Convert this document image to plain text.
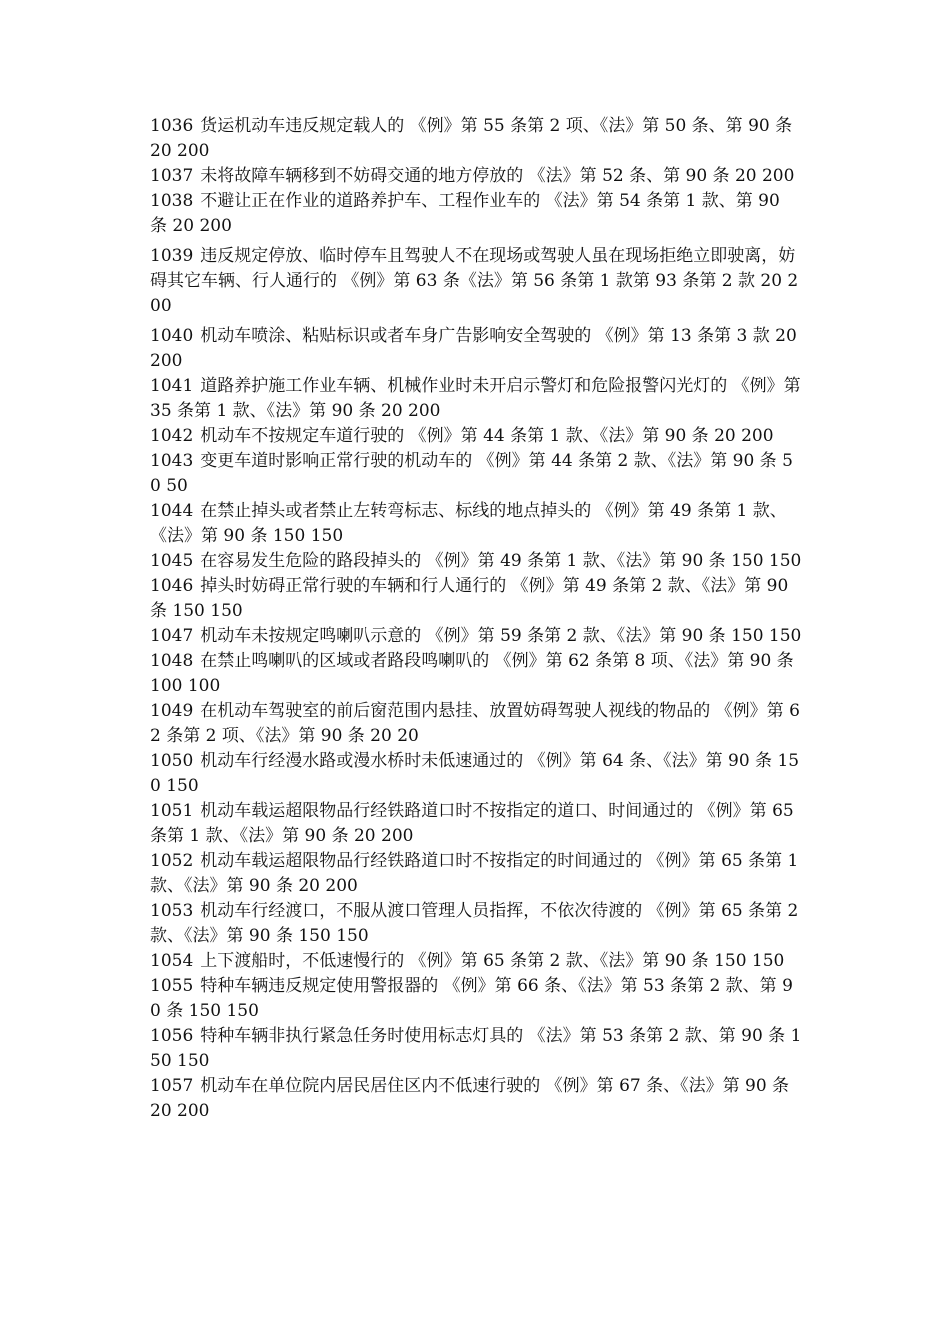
1036 货运机动车违反规定载人的 《例》第 55 条第 2 项、《法》第 50 条、第 90 条 20 200

1037 未将故障车辆移到不妨碍交通的地方停放的 《法》第 52 条、第 90 条 20 200

1038 不避让正在作业的道路养护车、工程作业车的 《法》第 54 条第 1 款、第 90 条 20 200

1039 违反规定停放、临时停车且驾驶人不在现场或驾驶人虽在现场拒绝立即驶离，妨碍其它车辆、行人通行的 《例》第 63 条《法》第 56 条第 1 款第 93 条第 2 款 20 200

1040 机动车喷涂、粘贴标识或者车身广告影响安全驾驶的 《例》第 13 条第 3 款 20 200

1041 道路养护施工作业车辆、机械作业时未开启示警灯和危险报警闪光灯的 《例》第 35 条第 1 款、《法》第 90 条 20 200

1042 机动车不按规定车道行驶的 《例》第 44 条第 1 款、《法》第 90 条 20 200

1043 变更车道时影响正常行驶的机动车的 《例》第 44 条第 2 款、《法》第 90 条 50 50

1044 在禁止掉头或者禁止左转弯标志、标线的地点掉头的 《例》第 49 条第 1 款、《法》第 90 条 150 150

1045 在容易发生危险的路段掉头的 《例》第 49 条第 1 款、《法》第 90 条 150 150

1046 掉头时妨碍正常行驶的车辆和行人通行的 《例》第 49 条第 2 款、《法》第 90 条 150 150

1047 机动车未按规定鸣喇叭示意的 《例》第 59 条第 2 款、《法》第 90 条 150 150

1048 在禁止鸣喇叭的区域或者路段鸣喇叭的 《例》第 62 条第 8 项、《法》第 90 条 100 100

1049 在机动车驾驶室的前后窗范围内悬挂、放置妨碍驾驶人视线的物品的 《例》第 62 条第 2 项、《法》第 90 条 20 20

1050 机动车行经漫水路或漫水桥时未低速通过的 《例》第 64 条、《法》第 90 条 150 150

1051 机动车载运超限物品行经铁路道口时不按指定的道口、时间通过的 《例》第 65 条第 1 款、《法》第 90 条 20 200

1052 机动车载运超限物品行经铁路道口时不按指定的时间通过的 《例》第 65 条第 1 款、《法》第 90 条 20 200

1053 机动车行经渡口，不服从渡口管理人员指挥，不依次待渡的 《例》第 65 条第 2 款、《法》第 90 条 150 150

1054 上下渡船时，不低速慢行的 《例》第 65 条第 2 款、《法》第 90 条 150 150

1055 特种车辆违反规定使用警报器的 《例》第 66 条、《法》第 53 条第 2 款、第 90 条 150 150

1056 特种车辆非执行紧急任务时使用标志灯具的 《法》第 53 条第 2 款、第 90 条 150 150

1057 机动车在单位院内居民居住区内不低速行驶的 《例》第 67 条、《法》第 90 条 20 200
